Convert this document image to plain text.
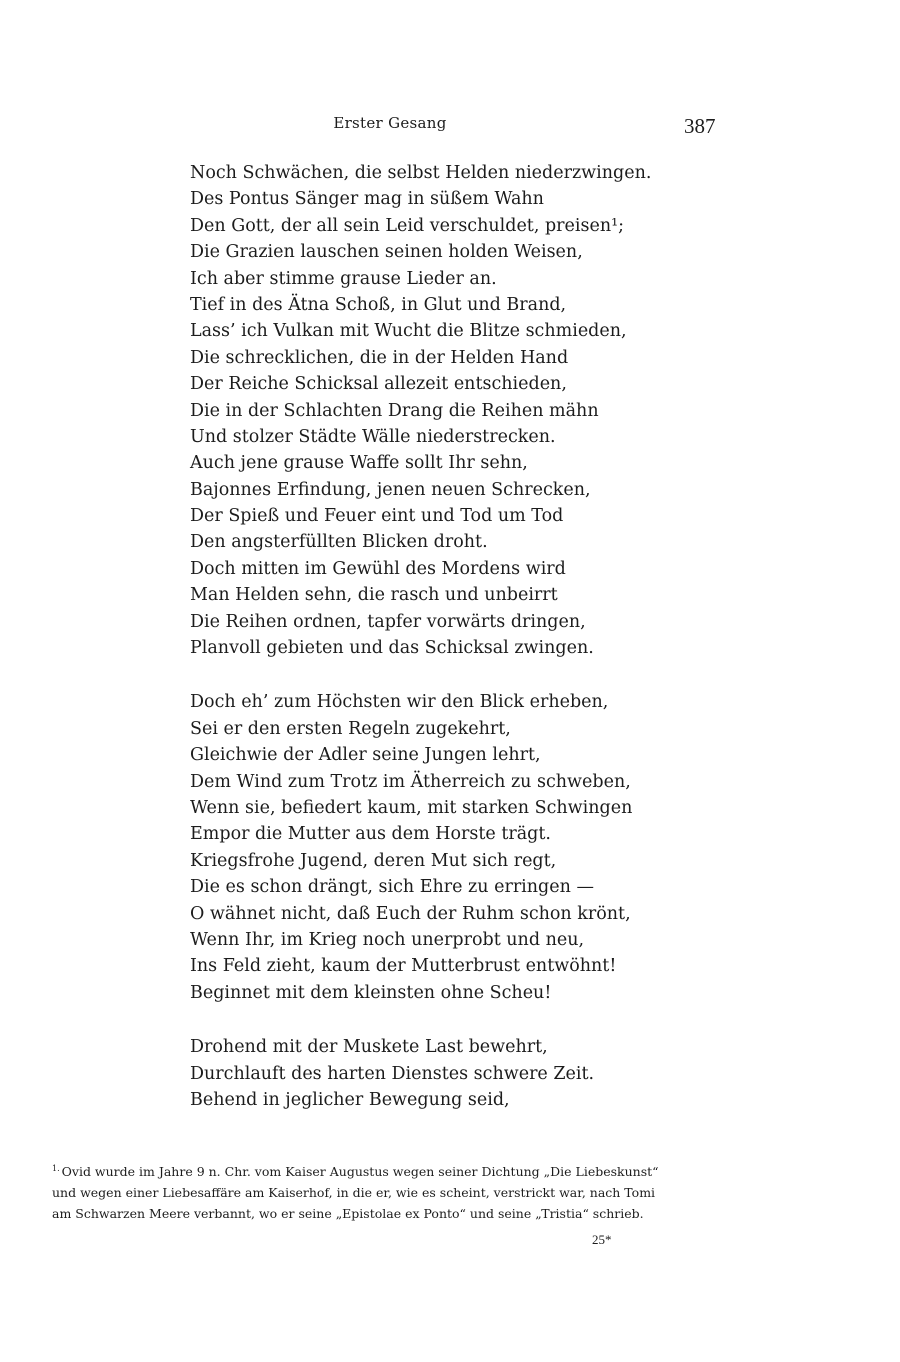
Erster Gesang	387
Noch Schwächen, die selbst Helden niederzwingen.
Des Pontus Sänger mag in süßem Wahn
Den Gott, der all sein Leid verschuldet, preisen¹;
Die Grazien lauschen seinen holden Weisen,
Ich aber stimme grause Lieder an.
Tief in des Ätna Schoß, in Glut und Brand,
Lass’ ich Vulkan mit Wucht die Blitze schmieden,
Die schrecklichen, die in der Helden Hand
Der Reiche Schicksal allezeit entschieden,
Die in der Schlachten Drang die Reihen mähn
Und stolzer Städte Wälle niederstrecken.
Auch jene grause Waffe sollt Ihr sehn,
Bajonnes Erfindung, jenen neuen Schrecken,
Der Spieß und Feuer eint und Tod um Tod
Den angsterfüllten Blicken droht.
Doch mitten im Gewühl des Mordens wird
Man Helden sehn, die rasch und unbeirrt
Die Reihen ordnen, tapfer vorwärts dringen,
Planvoll gebieten und das Schicksal zwingen.
Doch eh’ zum Höchsten wir den Blick erheben,
Sei er den ersten Regeln zugekehrt,
Gleichwie der Adler seine Jungen lehrt,
Dem Wind zum Trotz im Ätherreich zu schweben,
Wenn sie, befiedert kaum, mit starken Schwingen
Empor die Mutter aus dem Horste trägt.
Kriegsfrohe Jugend, deren Mut sich regt,
Die es schon drängt, sich Ehre zu erringen —
O wähnet nicht, daß Euch der Ruhm schon krönt,
Wenn Ihr, im Krieg noch unerprobt und neu,
Ins Feld zieht, kaum der Mutterbrust entwöhnt!
Beginnet mit dem kleinsten ohne Scheu!
Drohend mit der Muskete Last bewehrt,
Durchlauft des harten Dienstes schwere Zeit.
Behend in jeglicher Bewegung seid,
$^{1.}$ Ovid wurde im Jahre 9 n. Chr. vom Kaiser Augustus wegen seiner Dichtung „Die Liebeskunst“
und wegen einer Liebesaffäre am Kaiserhof, in die er, wie es scheint, verstrickt war, nach Tomi
am Schwarzen Meere verbannt, wo er seine „Epistolae ex Ponto“ und seine „Tristia“ schrieb.
25*
